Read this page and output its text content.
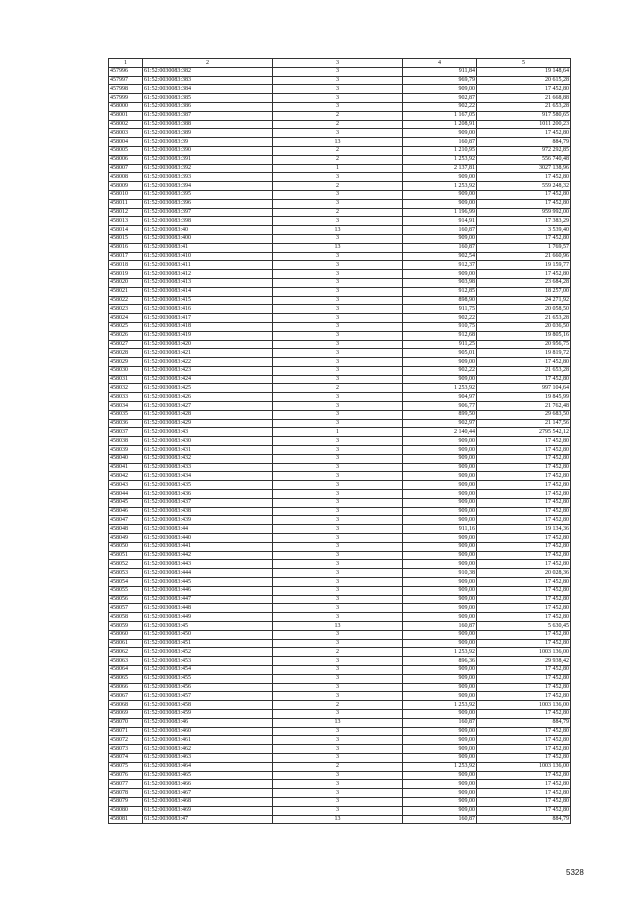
1	2	3	4	5
457996	61:52:0030083:382	3	911,84	19 148,64
457997	61:52:0030083:383	3	969,79	20 615,28
457998	61:52:0030083:384	3	909,00	17 452,80
457999	61:52:0030083:385	3	902,87	21 668,88
458000	61:52:0030083:386	3	902,22	21 653,28
458001	61:52:0030083:387	2	1 167,05	917 580,65
458002	61:52:0030083:388	2	1 208,91	1011 200,23
458003	61:52:0030083:389	3	909,00	17 452,80
458004	61:52:0030083:39	13	160,87	884,79
458005	61:52:0030083:390	2	1 210,95	972 292,85
458006	61:52:0030083:391	2	1 253,92	556 740,48
458007	61:52:0030083:392	1	2 137,81	3027 138,96
458008	61:52:0030083:393	3	909,00	17 452,80
458009	61:52:0030083:394	2	1 253,92	559 248,32
458010	61:52:0030083:395	3	909,00	17 452,80
458011	61:52:0030083:396	3	909,00	17 452,80
458012	61:52:0030083:397	2	1 196,99	959 992,00
458013	61:52:0030083:398	3	914,91	17 383,29
458014	61:52:0030083:40	13	160,87	3 539,40
458015	61:52:0030083:400	3	909,00	17 452,80
458016	61:52:0030083:41	13	160,87	1 769,57
458017	61:52:0030083:410	3	902,54	21 660,96
458018	61:52:0030083:411	3	912,37	19 159,77
458019	61:52:0030083:412	3	909,00	17 452,80
458020	61:52:0030083:413	3	903,98	23 684,28
458021	61:52:0030083:414	3	912,85	18 257,00
458022	61:52:0030083:415	3	898,90	24 271,92
458023	61:52:0030083:416	3	911,75	20 058,50
458024	61:52:0030083:417	3	902,22	21 653,28
458025	61:52:0030083:418	3	910,75	20 036,50
458026	61:52:0030083:419	3	912,68	19 805,16
458027	61:52:0030083:420	3	911,25	20 956,75
458028	61:52:0030083:421	3	905,01	19 819,72
458029	61:52:0030083:422	3	909,00	17 452,80
458030	61:52:0030083:423	3	902,22	21 653,28
458031	61:52:0030083:424	3	909,00	17 452,80
458032	61:52:0030083:425	2	1 253,92	997 104,64
458033	61:52:0030083:426	3	904,97	19 845,99
458034	61:52:0030083:427	3	906,77	21 762,48
458035	61:52:0030083:428	3	899,50	29 683,50
458036	61:52:0030083:429	3	902,97	21 147,56
458037	61:52:0030083:43	1	2 140,44	2795 542,12
458038	61:52:0030083:430	3	909,00	17 452,80
458039	61:52:0030083:431	3	909,00	17 452,80
458040	61:52:0030083:432	3	909,00	17 452,80
458041	61:52:0030083:433	3	909,00	17 452,80
458042	61:52:0030083:434	3	909,00	17 452,80
458043	61:52:0030083:435	3	909,00	17 452,80
458044	61:52:0030083:436	3	909,00	17 452,80
458045	61:52:0030083:437	3	909,00	17 452,80
458046	61:52:0030083:438	3	909,00	17 452,80
458047	61:52:0030083:439	3	909,00	17 452,80
458048	61:52:0030083:44	3	911,16	19 134,36
458049	61:52:0030083:440	3	909,00	17 452,80
458050	61:52:0030083:441	3	909,00	17 452,80
458051	61:52:0030083:442	3	909,00	17 452,80
458052	61:52:0030083:443	3	909,00	17 452,80
458053	61:52:0030083:444	3	910,38	20 028,36
458054	61:52:0030083:445	3	909,00	17 452,80
458055	61:52:0030083:446	3	909,00	17 452,80
458056	61:52:0030083:447	3	909,00	17 452,80
458057	61:52:0030083:448	3	909,00	17 452,80
458058	61:52:0030083:449	3	909,00	17 452,80
458059	61:52:0030083:45	13	160,87	5 630,45
458060	61:52:0030083:450	3	909,00	17 452,80
458061	61:52:0030083:451	3	909,00	17 452,80
458062	61:52:0030083:452	2	1 253,92	1003 136,00
458063	61:52:0030083:453	3	896,36	29 938,42
458064	61:52:0030083:454	3	909,00	17 452,80
458065	61:52:0030083:455	3	909,00	17 452,80
458066	61:52:0030083:456	3	909,00	17 452,80
458067	61:52:0030083:457	3	909,00	17 452,80
458068	61:52:0030083:458	2	1 253,92	1003 136,00
458069	61:52:0030083:459	3	909,00	17 452,80
458070	61:52:0030083:46	13	160,87	884,79
458071	61:52:0030083:460	3	909,00	17 452,80
458072	61:52:0030083:461	3	909,00	17 452,80
458073	61:52:0030083:462	3	909,00	17 452,80
458074	61:52:0030083:463	3	909,00	17 452,80
458075	61:52:0030083:464	2	1 253,92	1003 136,00
458076	61:52:0030083:465	3	909,00	17 452,80
458077	61:52:0030083:466	3	909,00	17 452,80
458078	61:52:0030083:467	3	909,00	17 452,80
458079	61:52:0030083:468	3	909,00	17 452,80
458080	61:52:0030083:469	3	909,00	17 452,80
458081	61:52:0030083:47	13	160,87	884,79
5328
